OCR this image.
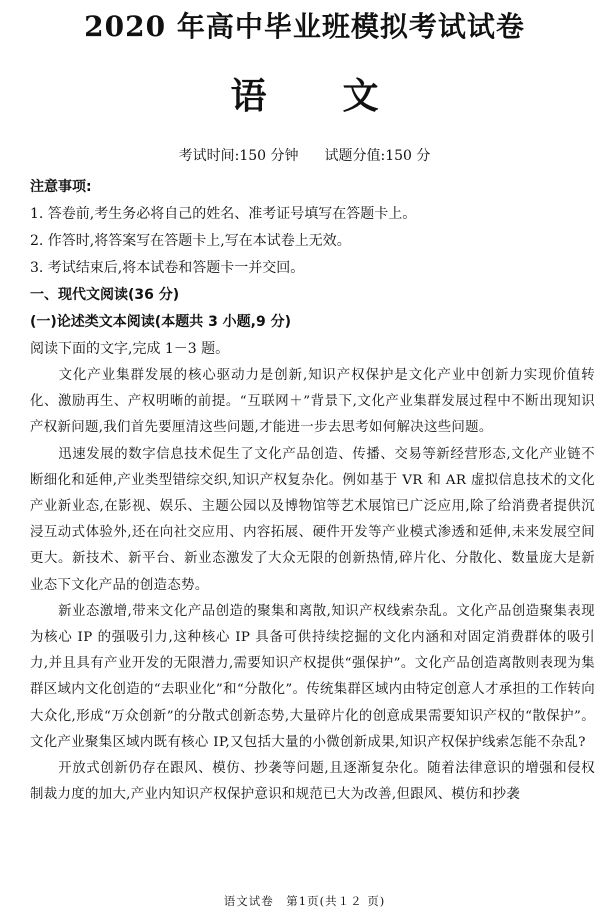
2020 年高中毕业班模拟考试试卷
语 文
考试时间:150 分钟 试题分值:150 分
注意事项:
1. 答卷前,考生务必将自己的姓名、准考证号填写在答题卡上。
2. 作答时,将答案写在答题卡上,写在本试卷上无效。
3. 考试结束后,将本试卷和答题卡一并交回。
一、现代文阅读(36 分)
(一)论述类文本阅读(本题共 3 小题,9 分)
阅读下面的文字,完成 1－3 题。

文化产业集群发展的核心驱动力是创新,知识产权保护是文化产业中创新力实现价值转化、激励再生、产权明晰的前提。“互联网＋”背景下,文化产业集群发展过程中不断出现知识产权新问题,我们首先要厘清这些问题,才能进一步去思考如何解决这些问题。

迅速发展的数字信息技术促生了文化产品创造、传播、交易等新经营形态,文化产业链不断细化和延伸,产业类型错综交织,知识产权复杂化。例如基于 VR 和 AR 虚拟信息技术的文化产业新业态,在影视、娱乐、主题公园以及博物馆等艺术展馆已广泛应用,除了给消费者提供沉浸互动式体验外,还在向社交应用、内容拓展、硬件开发等产业模式渗透和延伸,未来发展空间更大。新技术、新平台、新业态激发了大众无限的创新热情,碎片化、分散化、数量庞大是新业态下文化产品的创造态势。

新业态激增,带来文化产品创造的聚集和离散,知识产权线索杂乱。文化产品创造聚集表现为核心 IP 的强吸引力,这种核心 IP 具备可供持续挖掘的文化内涵和对固定消费群体的吸引力,并且具有产业开发的无限潜力,需要知识产权提供“强保护”。文化产品创造离散则表现为集群区域内文化创造的“去职业化”和“分散化”。传统集群区域内由特定创意人才承担的工作转向大众化,形成“万众创新”的分散式创新态势,大量碎片化的创意成果需要知识产权的“散保护”。文化产业聚集区域内既有核心 IP,又包括大量的小微创新成果,知识产权保护线索怎能不杂乱?

开放式创新仍存在跟风、模仿、抄袭等问题,且逐渐复杂化。随着法律意识的增强和侵权制裁力度的加大,产业内知识产权保护意识和规范已大为改善,但跟风、模仿和抄袭

语文试卷　第1页(共１２ 页)
